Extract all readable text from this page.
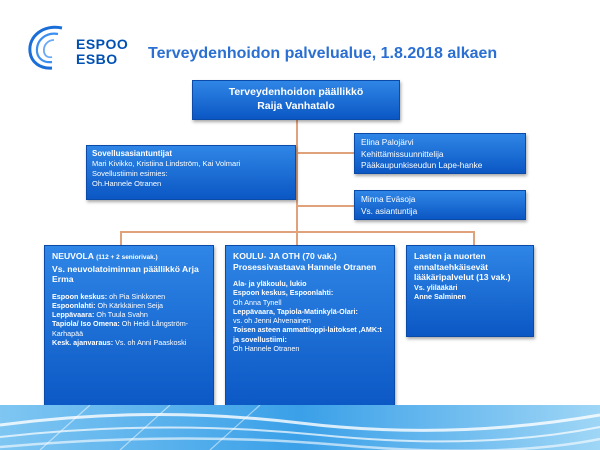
ESPOO
ESBO Terveydenhoidon palvelualue, 1.8.2018 alkaen
Terveydenhoidon päällikkö
Raija Vanhatalo
Sovellusasiantuntijat
Mari Kivikko, Kristiina Lindström, Kai Volmari
Sovellustiimin esimies:
Oh.Hannele Otranen
Elina Palojärvi
Kehittämissuunnittelija
Pääkaupunkiseudun Lape-hanke
Minna Eväsoja
Vs. asiantuntija
NEUVOLA (112 + 2 seniorivak.)
Vs. neuvolatoiminnan päällikkö Arja Erma
Espoon keskus: oh Pia Sinkkonen
Espoonlahti: Oh Kärkkäinen Seija
Leppävaara: Oh Tuula Svahn
Tapiola/ Iso Omena: Oh Heidi Långström-Karhapää
Kesk. ajanvaraus: Vs. oh Anni Paaskoski
KOULU- JA OTH (70 vak.)
Prosessivastaava Hannele Otranen
Ala- ja yläkoulu, lukio
Espoon keskus, Espoonlahti:
Oh Anna Tynell
Leppävaara, Tapiola-Matinkylä-Olari:
vs. oh Jenni Ahvenainen
Toisen asteen ammattioppi-laitokset ,AMK:t ja sovellustiimi:
Oh Hannele Otranen
Lasten ja nuorten ennaltaehkäisevät lääkäripalvelut (13 vak.)
Vs. ylilääkäri
Anne Salminen
